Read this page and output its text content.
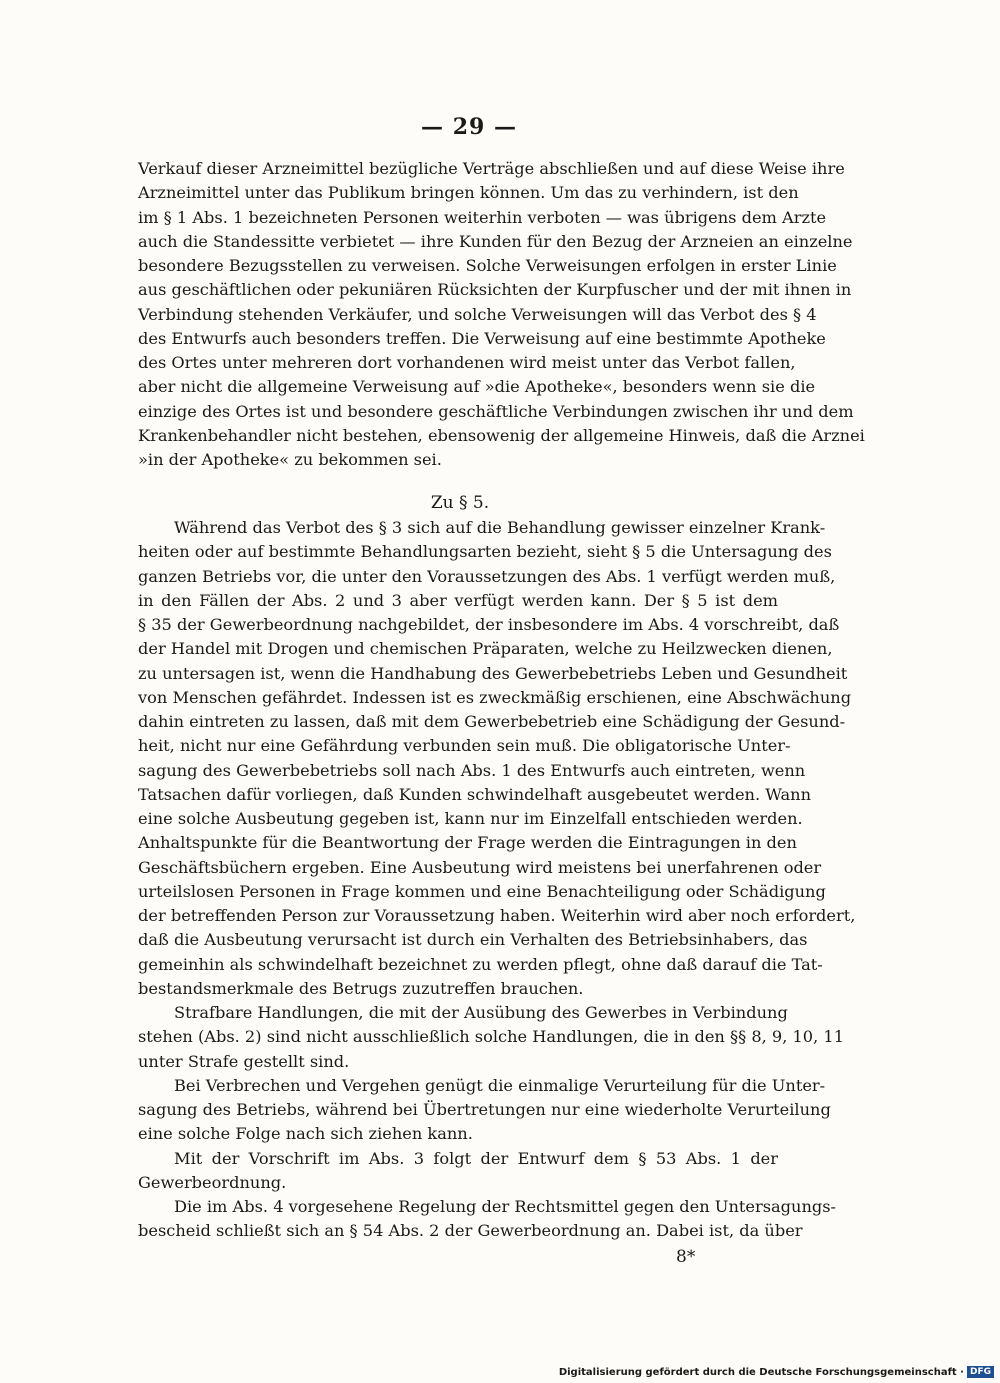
— 29 —
Verkauf dieser Arzneimittel bezügliche Verträge abschließen und auf diese Weise ihre
Arzneimittel unter das Publikum bringen können. Um das zu verhindern, ist den
im § 1 Abs. 1 bezeichneten Personen weiterhin verboten — was übrigens dem Arzte
auch die Standessitte verbietet — ihre Kunden für den Bezug der Arzneien an einzelne
besondere Bezugsstellen zu verweisen. Solche Verweisungen erfolgen in erster Linie
aus geschäftlichen oder pekuniären Rücksichten der Kurpfuscher und der mit ihnen in
Verbindung stehenden Verkäufer, und solche Verweisungen will das Verbot des § 4
des Entwurfs auch besonders treffen. Die Verweisung auf eine bestimmte Apotheke
des Ortes unter mehreren dort vorhandenen wird meist unter das Verbot fallen,
aber nicht die allgemeine Verweisung auf »die Apotheke«, besonders wenn sie die
einzige des Ortes ist und besondere geschäftliche Verbindungen zwischen ihr und dem
Krankenbehandler nicht bestehen, ebensowenig der allgemeine Hinweis, daß die Arznei
»in der Apotheke« zu bekommen sei.
Zu § 5.
Während das Verbot des § 3 sich auf die Behandlung gewisser einzelner Krank-
heiten oder auf bestimmte Behandlungsarten bezieht, sieht § 5 die Untersagung des
ganzen Betriebs vor, die unter den Voraussetzungen des Abs. 1 verfügt werden muß,
in den Fällen der Abs. 2 und 3 aber verfügt werden kann. Der § 5 ist dem
§ 35 der Gewerbeordnung nachgebildet, der insbesondere im Abs. 4 vorschreibt, daß
der Handel mit Drogen und chemischen Präparaten, welche zu Heilzwecken dienen,
zu untersagen ist, wenn die Handhabung des Gewerbebetriebs Leben und Gesundheit
von Menschen gefährdet. Indessen ist es zweckmäßig erschienen, eine Abschwächung
dahin eintreten zu lassen, daß mit dem Gewerbebetrieb eine Schädigung der Gesund-
heit, nicht nur eine Gefährdung verbunden sein muß. Die obligatorische Unter-
sagung des Gewerbebetriebs soll nach Abs. 1 des Entwurfs auch eintreten, wenn
Tatsachen dafür vorliegen, daß Kunden schwindelhaft ausgebeutet werden. Wann
eine solche Ausbeutung gegeben ist, kann nur im Einzelfall entschieden werden.
Anhaltspunkte für die Beantwortung der Frage werden die Eintragungen in den
Geschäftsbüchern ergeben. Eine Ausbeutung wird meistens bei unerfahrenen oder
urteilslosen Personen in Frage kommen und eine Benachteiligung oder Schädigung
der betreffenden Person zur Voraussetzung haben. Weiterhin wird aber noch erfordert,
daß die Ausbeutung verursacht ist durch ein Verhalten des Betriebsinhabers, das
gemeinhin als schwindelhaft bezeichnet zu werden pflegt, ohne daß darauf die Tat-
bestandsmerkmale des Betrugs zuzutreffen brauchen.
Strafbare Handlungen, die mit der Ausübung des Gewerbes in Verbindung
stehen (Abs. 2) sind nicht ausschließlich solche Handlungen, die in den §§ 8, 9, 10, 11
unter Strafe gestellt sind.
Bei Verbrechen und Vergehen genügt die einmalige Verurteilung für die Unter-
sagung des Betriebs, während bei Übertretungen nur eine wiederholte Verurteilung
eine solche Folge nach sich ziehen kann.
Mit der Vorschrift im Abs. 3 folgt der Entwurf dem § 53 Abs. 1 der
Gewerbeordnung.
Die im Abs. 4 vorgesehene Regelung der Rechtsmittel gegen den Untersagungs-
bescheid schließt sich an § 54 Abs. 2 der Gewerbeordnung an. Dabei ist, da über
8*
Digitalisierung gefördert durch die Deutsche Forschungsgemeinschaft · DFG
